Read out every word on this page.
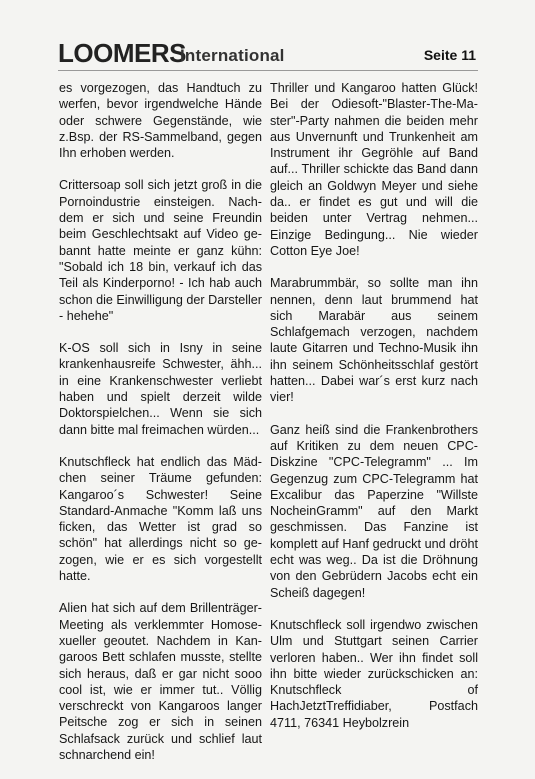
LOOMERS
International	Seite 11

es vorgezogen, das Handtuch zu werfen, bevor irgendwelche Hände oder schwere Gegenstände, wie z.Bsp. der RS-Sammelband, gegen Ihn erhoben werden.

Crittersoap soll sich jetzt groß in die Pornoindustrie einsteigen. Nachdem er sich und seine Freundin beim Geschlechtsakt auf Video gebannt hatte meinte er ganz kühn: "Sobald ich 18 bin, verkauf ich das Teil als Kinderporno! - Ich hab auch schon die Einwilligung der Darsteller - hehehe"

K-OS soll sich in Isny in seine krankenhausreife Schwester, ähh... in eine Krankenschwester verliebt haben und spielt derzeit wilde Doktorspielchen... Wenn sie sich dann bitte mal freimachen würden...

Knutschfleck hat endlich das Mädchen seiner Träume gefunden: Kangaroo´s Schwester! Seine Standard-Anmache "Komm laß uns ficken, das Wetter ist grad so schön" hat allerdings nicht so gezogen, wie er es sich vorgestellt hatte.

Alien hat sich auf dem Brillenträger-Meeting als verklemmter Homosexueller geoutet. Nachdem in Kangaroos Bett schlafen musste, stellte sich heraus, daß er gar nicht sooo cool ist, wie er immer tut.. Völlig verschreckt von Kangaroos langer Peitsche zog er sich in seinen Schlafsack zurück und schlief laut schnarchend ein!

Thriller und Kangaroo hatten Glück! Bei der Odiesoft-"Blaster-The-Master"-Party nahmen die beiden mehr aus Unvernunft und Trunkenheit am Instrument ihr Gegröhle auf Band auf... Thriller schickte das Band dann gleich an Goldwyn Meyer und siehe da.. er findet es gut und will die beiden unter Vertrag nehmen... Einzige Bedingung... Nie wieder Cotton Eye Joe!

Marabrummbär, so sollte man ihn nennen, denn laut brummend hat sich Marabär aus seinem Schlafgemach verzogen, nachdem laute Gitarren und Techno-Musik ihn ihn seinem Schönheitsschlaf gestört hatten... Dabei war´s erst kurz nach vier!

Ganz heiß sind die Frankenbrothers auf Kritiken zu dem neuen CPC-Diskzine "CPC-Telegramm" ... Im Gegenzug zum CPC-Telegramm hat Excalibur das Paperzine "Willste NocheinGramm" auf den Markt geschmissen. Das Fanzine ist komplett auf Hanf gedruckt und dröht echt was weg.. Da ist die Dröhnung von den Gebrüdern Jacobs echt ein Scheiß dagegen!

Knutschfleck soll irgendwo zwischen Ulm und Stuttgart seinen Carrier verloren haben.. Wer ihn findet soll ihn bitte wieder zurückschicken an: Knutschfleck of HachJetztTreffidiaber, Postfach 4711, 76341 Heybolzrein
